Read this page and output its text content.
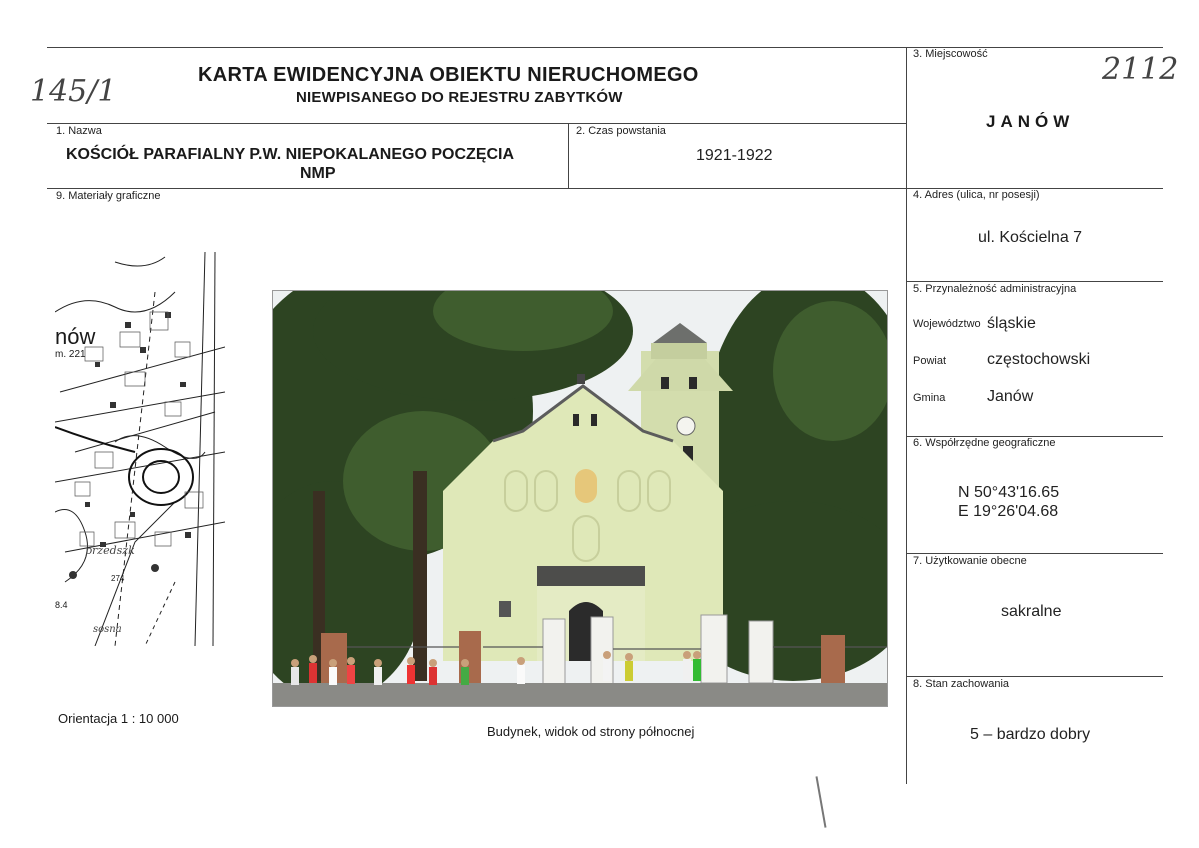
145/1
2112
KARTA EWIDENCYJNA OBIEKTU NIERUCHOMEGO
NIEWPISANEGO DO REJESTRU ZABYTKÓW
1. Nazwa
KOŚCIÓŁ PARAFIALNY P.W. NIEPOKALANEGO POCZĘCIA
NMP
2. Czas powstania
1921-1922
3. Miejscowość
JANÓW
4. Adres (ulica, nr posesji)
ul. Kościelna 7
5. Przynależność administracyjna
Województwo śląskie
Powiat	częstochowski
Gmina	Janów
6. Współrzędne geograficzne
N 50°43'16.65
E 19°26'04.68
7. Użytkowanie obecne
sakralne
8. Stan zachowania
5 – bardzo dobry
9. Materiały graficzne
nów
m. 221
przedszk
274
8.4
sosna
Orientacja 1 : 10 000
Budynek, widok od strony północnej
